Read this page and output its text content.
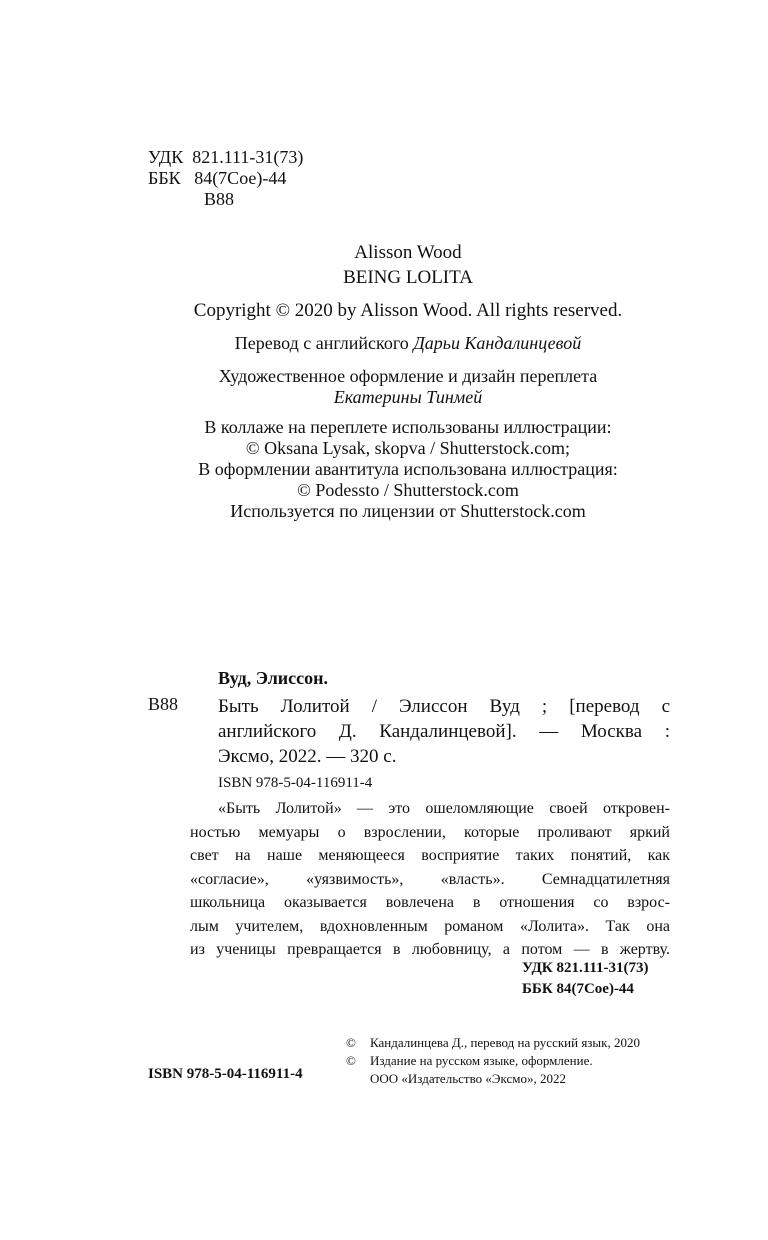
УДК 821.111-31(73)
ББК 84(7Сое)-44
В88
Alisson Wood
BEING LOLITA
Copyright © 2020 by Alisson Wood. All rights reserved.
Перевод с английского Дарьи Кандалинцевой
Художественное оформление и дизайн переплета
Екатерины Тинмей
В коллаже на переплете использованы иллюстрации:
© Oksana Lysak, skopva / Shutterstock.com;
В оформлении авантитула использована иллюстрация:
© Podessto / Shutterstock.com
Используется по лицензии от Shutterstock.com
Вуд, Элиссон.
В88 Быть Лолитой / Элиссон Вуд ; [перевод с
английского Д. Кандалинцевой]. — Москва :
Эксмо, 2022. — 320 с.
ISBN 978-5-04-116911-4
«Быть Лолитой» — это ошеломляющие своей откровен-
ностью мемуары о взрослении, которые проливают яркий
свет на наше меняющееся восприятие таких понятий, как
«согласие», «уязвимость», «власть». Семнадцатилетняя
школьница оказывается вовлечена в отношения со взрос-
лым учителем, вдохновленным романом «Лолита». Так она
из ученицы превращается в любовницу, а потом — в жертву.
УДК 821.111-31(73)
ББК 84(7Сое)-44
ISBN 978-5-04-116911-4
©	Кандалинцева Д., перевод на русский язык, 2020
©	Издание на русском языке, оформление.
ООО «Издательство «Эксмо», 2022
